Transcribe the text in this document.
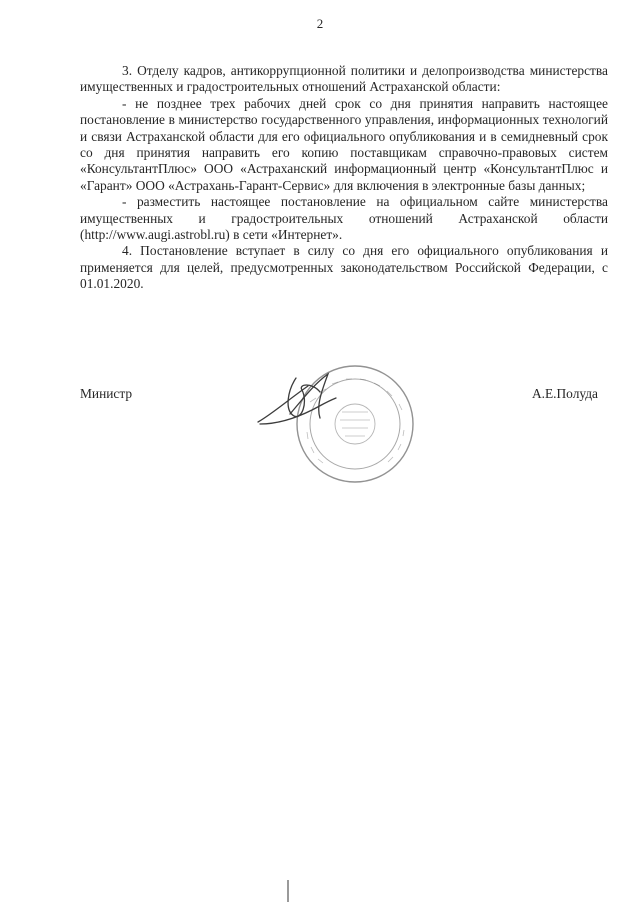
2

3. Отделу кадров, антикоррупционной политики и делопроизводства министерства имущественных и градостроительных отношений Астраханской области:

- не позднее трех рабочих дней срок со дня принятия направить настоящее постановление в министерство государственного управления, информационных технологий и связи Астраханской области для его официального опубликования и в семидневный срок со дня принятия направить его копию поставщикам справочно-правовых систем «КонсультантПлюс» ООО «Астраханский информационный центр «КонсультантПлюс и «Гарант» ООО «Астрахань-Гарант-Сервис» для включения в электронные базы данных;

- разместить настоящее постановление на официальном сайте министерства имущественных и градостроительных отношений Астраханской области (http://www.augi.astrobl.ru) в сети «Интернет».

4. Постановление вступает в силу со дня его официального опубликования и применяется для целей, предусмотренных законодательством Российской Федерации, с 01.01.2020.

Министр	А.Е.Полуда
